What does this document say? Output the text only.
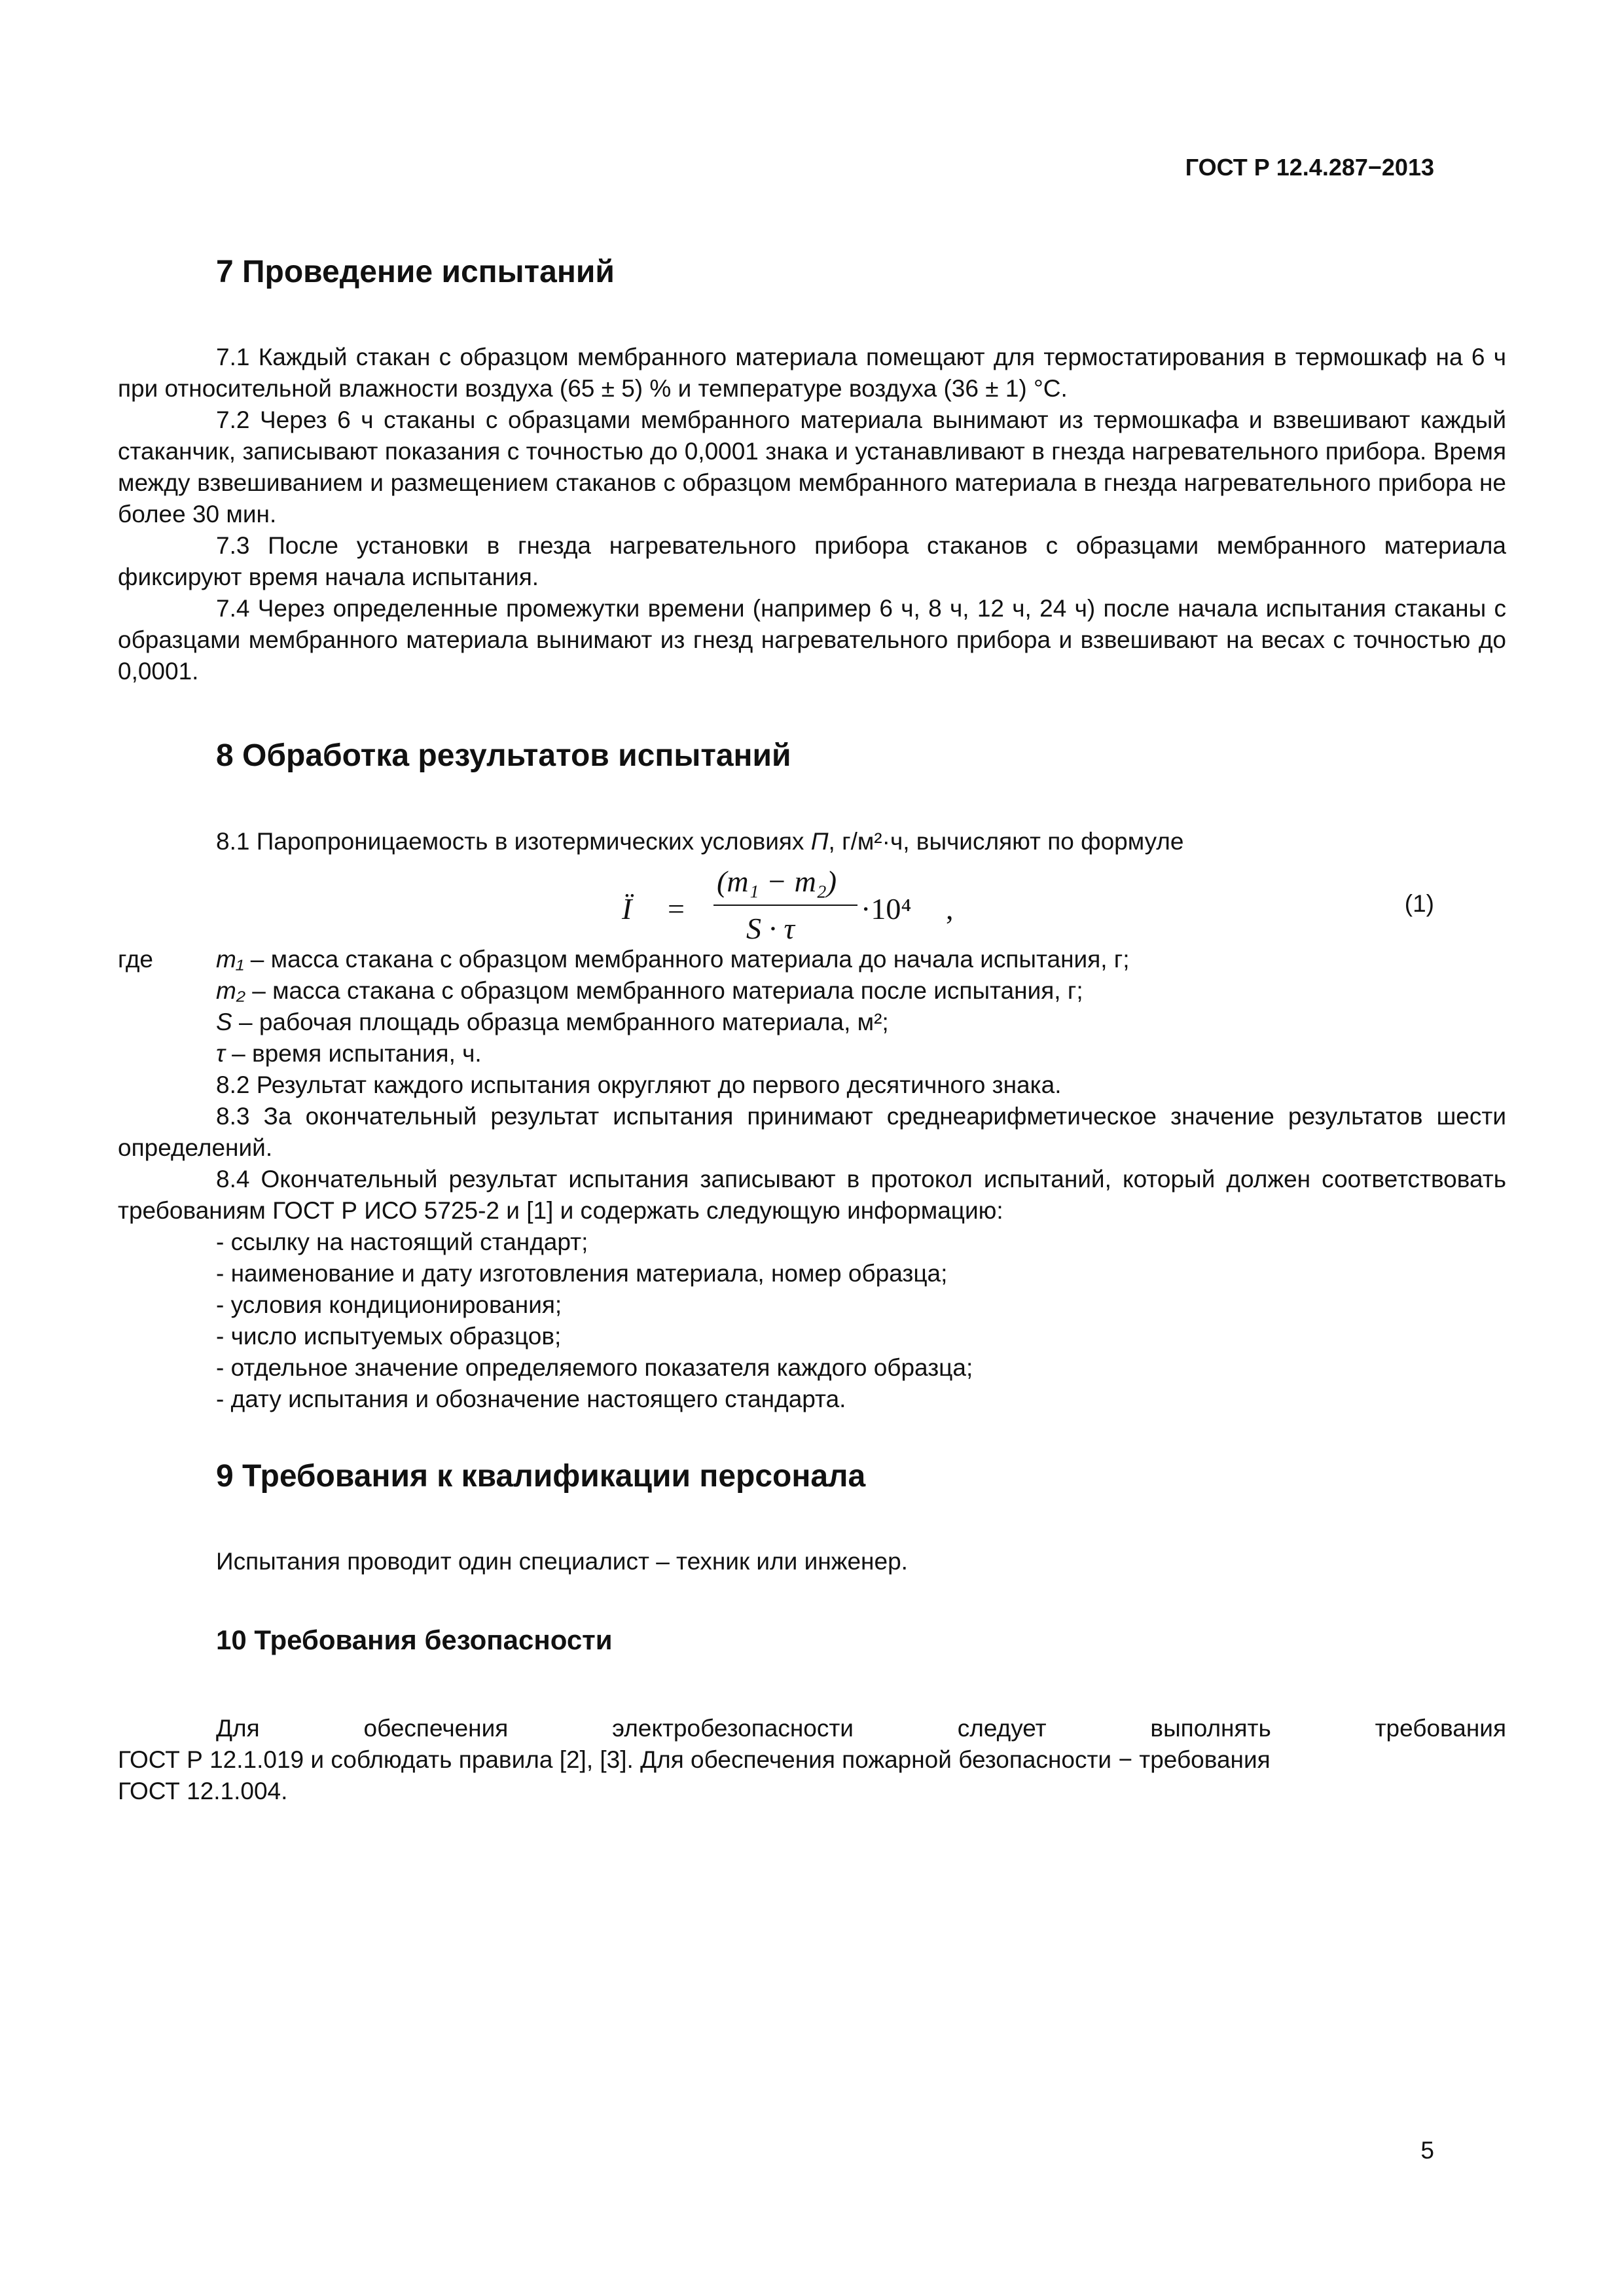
ГОСТ Р 12.4.287−2013
7 Проведение испытаний

7.1 Каждый стакан с образцом мембранного материала помещают для термостатирования в термошкаф на 6 ч при относительной влажности воздуха (65 ± 5) % и температуре воздуха (36 ± 1) °С.

7.2 Через 6 ч стаканы с образцами мембранного материала вынимают из термошкафа и взвешивают каждый стаканчик, записывают показания с точностью до 0,0001 знака и устанавливают в гнезда нагревательного прибора. Время между взвешиванием и размещением стаканов с образцом мембранного материала в гнезда нагревательного прибора не более 30 мин.

7.3 После установки в гнезда нагревательного прибора стаканов с образцами мембранного материала фиксируют время начала испытания.

7.4 Через определенные промежутки времени (например 6 ч, 8 ч, 12 ч, 24 ч) после начала испытания стаканы с образцами мембранного материала вынимают из гнезд нагревательного прибора и взвешивают на весах с точностью до 0,0001.

8 Обработка результатов испытаний
8.1 Паропроницаемость в изотермических условиях П, г/м²·ч, вычисляют по формуле
Ï =
(m₁ − m₂)
S · τ
·10⁴ ,	(1)
где	m₁ – масса стакана с образцом мембранного материала до начала испытания, г;
m₂ – масса стакана с образцом мембранного материала после испытания, г;
S – рабочая площадь образца мембранного материала, м²;
τ – время испытания, ч.

8.2 Результат каждого испытания округляют до первого десятичного знака.

8.3 За окончательный результат испытания принимают среднеарифметическое значение результатов шести определений.

8.4 Окончательный результат испытания записывают в протокол испытаний, который должен соответствовать требованиям ГОСТ Р ИСО 5725-2 и [1] и содержать следующую информацию:

- ссылку на настоящий стандарт;
- наименование и дату изготовления материала, номер образца;
- условия кондиционирования;
- число испытуемых образцов;
- отдельное значение определяемого показателя каждого образца;
- дату испытания и обозначение настоящего стандарта.
9 Требования к квалификации персонала
Испытания проводит один специалист – техник или инженер.
10 Требования безопасности
Для	обеспечения	электробезопасности	следует	выполнять	требования
ГОСТ Р 12.1.019 и соблюдать правила [2], [3]. Для обеспечения пожарной безопасности − требования
ГОСТ 12.1.004.
5
